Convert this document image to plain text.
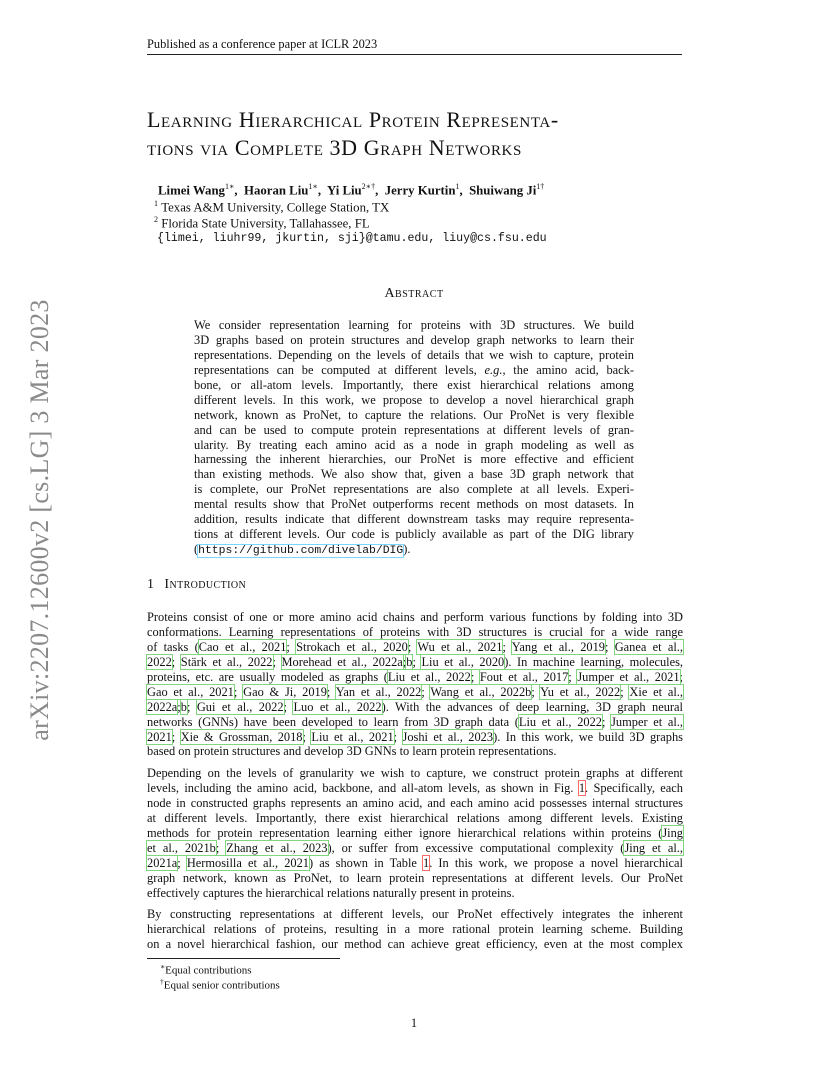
Published as a conference paper at ICLR 2023
arXiv:2207.12600v2 [cs.LG] 3 Mar 2023
Learning Hierarchical Protein Representa-
tions via Complete 3D Graph Networks
Limei Wang$^{1∗}$,  Haoran Liu$^{1∗}$,  Yi Liu$^{2∗\dagger}$,  Jerry Kurtin$^1$,  Shuiwang $Ji^{1\dagger}$
$^1$ Texas A&M University, College Station, TX
$^2$ Florida State University, Tallahassee, FL
{limei, liuhr99, jkurtin, sji}@tamu.edu, liuy@cs.fsu.edu
Abstract
We consider representation learning for proteins with 3D structures. We build
3D graphs based on protein structures and develop graph networks to learn their
representations. Depending on the levels of details that we wish to capture, protein
representations can be computed at different levels, e.g., the amino acid, back-
bone, or all-atom levels. Importantly, there exist hierarchical relations among
different levels. In this work, we propose to develop a novel hierarchical graph
network, known as ProNet, to capture the relations. Our ProNet is very flexible
and can be used to compute protein representations at different levels of gran-
ularity. By treating each amino acid as a node in graph modeling as well as
harnessing the inherent hierarchies, our ProNet is more effective and efficient
than existing methods. We also show that, given a base 3D graph network that
is complete, our ProNet representations are also complete at all levels. Experi-
mental results show that ProNet outperforms recent methods on most datasets. In
addition, results indicate that different downstream tasks may require representa-
tions at different levels. Our code is publicly available as part of the DIG library
(https://github.com/divelab/DIG).
1 Introduction
Proteins consist of one or more amino acid chains and perform various functions by folding into 3D
conformations. Learning representations of proteins with 3D structures is crucial for a wide range
of tasks (Cao et al., 2021; Strokach et al., 2020; Wu et al., 2021; Yang et al., 2019; Ganea et al.,
2022; Stärk et al., 2022; Morehead et al., 2022a;b; Liu et al., 2020). In machine learning, molecules,
proteins, etc. are usually modeled as graphs (Liu et al., 2022; Fout et al., 2017; Jumper et al., 2021;
Gao et al., 2021; Gao & Ji, 2019; Yan et al., 2022; Wang et al., 2022b; Yu et al., 2022; Xie et al.,
2022a;b; Gui et al., 2022; Luo et al., 2022). With the advances of deep learning, 3D graph neural
networks (GNNs) have been developed to learn from 3D graph data (Liu et al., 2022; Jumper et al.,
2021; Xie & Grossman, 2018; Liu et al., 2021; Joshi et al., 2023). In this work, we build 3D graphs
based on protein structures and develop 3D GNNs to learn protein representations.
Depending on the levels of granularity we wish to capture, we construct protein graphs at different
levels, including the amino acid, backbone, and all-atom levels, as shown in Fig. 1. Specifically, each
node in constructed graphs represents an amino acid, and each amino acid possesses internal structures
at different levels. Importantly, there exist hierarchical relations among different levels. Existing
methods for protein representation learning either ignore hierarchical relations within proteins (Jing
et al., 2021b; Zhang et al., 2023), or suffer from excessive computational complexity (Jing et al.,
2021a; Hermosilla et al., 2021) as shown in Table 1. In this work, we propose a novel hierarchical
graph network, known as ProNet, to learn protein representations at different levels. Our ProNet
effectively captures the hierarchical relations naturally present in proteins.
By constructing representations at different levels, our ProNet effectively integrates the inherent
hierarchical relations of proteins, resulting in a more rational protein learning scheme. Building
on a novel hierarchical fashion, our method can achieve great efficiency, even at the most complex
∗Equal contributions
†Equal senior contributions
1
